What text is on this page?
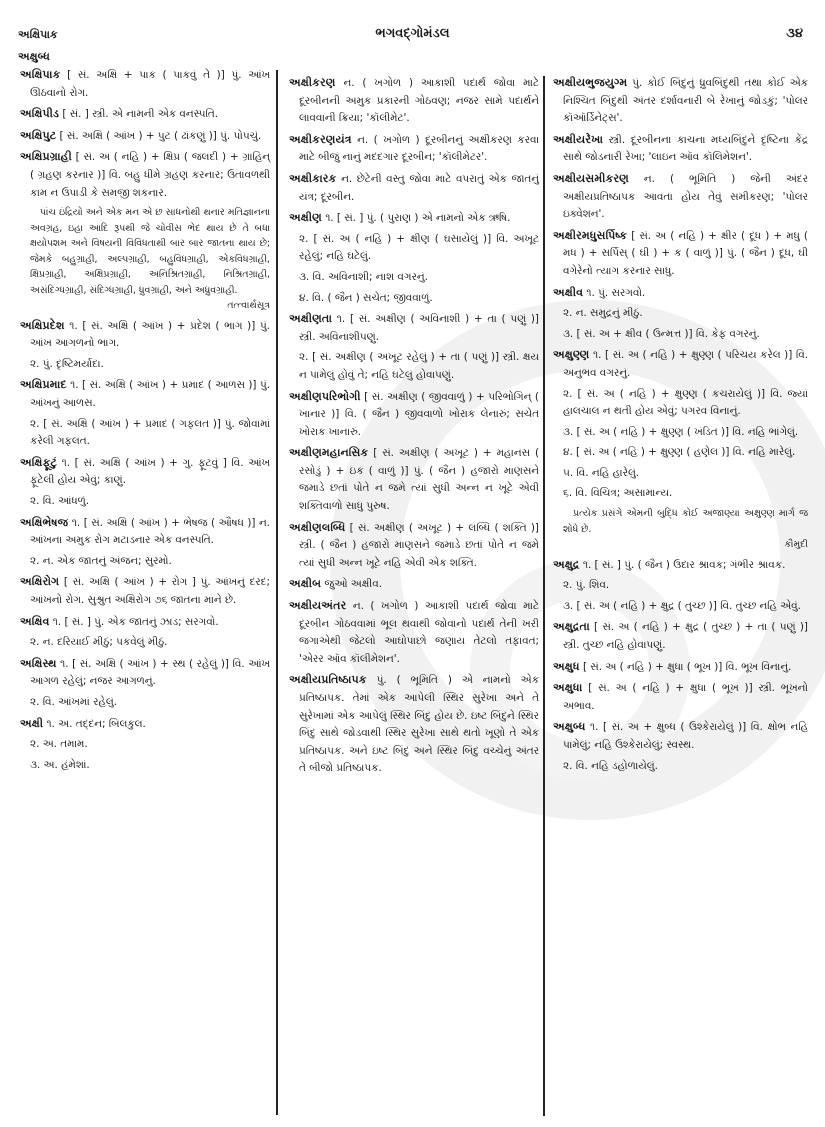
અક્ષિપાક	ભગવદ્ગોમંડલ	૩૪
અક્ષુબ્ધ
અક્ષિપાક [ સં. અક્ષિ + પાક ( પાકવું તે )] પું. આંખ ઊઠવાનો રોગ.
અક્ષિપીડ [ સં. ] સ્ત્રી. એ નામની એક વનસ્પતિ.
અક્ષિપુટ [ સં. અક્ષિ ( આંખ ) + પુટ ( ઢાંકણું )] પું. પોપચું.
અક્ષિપ્રગ્રાહી [ સં. અ ( નહિ ) + ક્ષિપ્ર ( જલદી ) + ગ્રાહિન્ ( ગ્રહણ કરનાર )] વિ. બહુ ધીમે ગ્રહણ કરનાર; ઉતાવળથી કામ ન ઉપાડી કે સમજી શકનાર.
પાંચ ઇંદ્રિયો અને એક મન એ છ સાધનોથી થનાર મતિજ્ઞાનના અવગ્રહ, ઇહા આદિ રૂપથી જે ચોવીસ ભેદ થાય છે તે બધા ક્ષયોપશમ અને વિષયની વિવિધતાથી બાર બાર જાતના થાય છે; જેમકે બહુગ્રાહી, અલ્પગ્રાહી, બહુવિધગ્રાહી, એકવિધગ્રાહી, ક્ષિપ્રગ્રાહી, અક્ષિપ્રગ્રાહી, અનિશ્રિતગ્રાહી, નિશ્રિતગ્રાહી, અસંદિગ્ધગ્રાહી, સંદિગ્ધગ્રાહી, ધ્રુવગ્રાહી, અને અધ્રુવગ્રાહી.
તત્ત્વાર્થસૂત્ર
અક્ષિપ્રદેશ ૧. [ સં. અક્ષિ ( આંખ ) + પ્રદેશ ( ભાગ )] પું. આંખ આગળનો ભાગ.
૨. પું. દૃષ્ટિમર્યાદા.
અક્ષિપ્રમાદ ૧. [ સં. અક્ષિ ( આંખ ) + પ્રમાદ ( આળસ )] પું. આંખનું આળસ.
૨. [ સં. અક્ષિ ( આંખ ) + પ્રમાદ ( ગફલત )] પું. જોવામાં કરેલી ગફલત.
અક્ષિફૂટું ૧. [ સં. અક્ષિ ( આંખ ) + ગુ. ફૂટવું ] વિ. આંખ ફૂટેલી હોય એવું; કાણું.
૨. વિ. આંધળું.
અક્ષિભેષજ ૧. [ સં. અક્ષિ ( આંખ ) + ભેષજ ( ઔષધ )] ન. આંખના અમુક રોગ મટાડનાર એક વનસ્પતિ.
૨. ન. એક જાતનું અંજન; સુરમો.
અક્ષિરોગ [ સં. અક્ષિ ( આંખ ) + રોગ ] પું. આંખનું દરદ; આંખનો રોગ. સુશ્રુત અક્ષિરોગ ૭૬ જાતના માને છે.
અક્ષિવ ૧. [ સં. ] પું. એક જાતનું ઝાડ; સરગવો.
૨. ન. દરિયાઈ મીઠું; પકવેલું મીઠું.
અક્ષિસ્થ ૧. [ સં. અક્ષિ ( આંખ ) + સ્થ ( રહેલું )] વિ. આંખ આગળ રહેલું; નજર આગળનું.
૨. વિ. આંખમાં રહેલું.
અક્ષી ૧. અ. તદ્દન; બિલકુલ.
૨. અ. તમામ.
૩. અ. હંમેશાં.
અક્ષીકરણ ન. ( ખગોળ ) આકાશી પદાર્થ જોવા માટે દૂરબીનની અમુક પ્રકારની ગોઠવણ; નજર સામે પદાર્થને લાવવાની ક્રિયા; 'કૉલીમેટ'.
અક્ષીકરણયંત્ર ન. ( ખગોળ ) દૂરબીનનું અક્ષીકરણ કરવા માટે બીજું નાનું મદદગાર દૂરબીન; 'કૉલીમેટર'.
અક્ષીકારક ન. છેટેની વસ્તુ જોવા માટે વપરાતું એક જાતનું યંત્ર; દૂરબીન.
અક્ષીણ ૧. [ સં. ] પું. ( પુરાણ ) એ નામનો એક ઋષિ.
૨. [ સં. અ ( નહિ ) + ક્ષીણ ( ઘસાયેલું )] વિ. અખૂટ રહેલું; નહિ ઘટેલું.
૩. વિ. અવિનાશી; નાશ વગરનું.
૪. વિ. ( જૈન ) સચેત; જીવવાળું.
અક્ષીણતા ૧. [ સં. અક્ષીણ ( અવિનાશી ) + તા ( પણું )] સ્ત્રી. અવિનાશીપણું.
૨. [ સં. અક્ષીણ ( અખૂટ રહેલું ) + તા ( પણું )] સ્ત્રી. ક્ષય ન પામેલું હોવું તે; નહિ ઘટેલું હોવાપણું.
અક્ષીણપરિભોગી [ સં. અક્ષીણ ( જીવવાળું ) + પરિભોગિન્ ( ખાનાર )] વિ. ( જૈન ) જીવવાળો ખોરાક લેનારું; સચેત ખોરાક ખાનારું.
અક્ષીણમહાનસિક [ સં. અક્ષીણ ( અખૂટ ) + મહાનસ ( રસોડું ) + ઇક ( વાળું )] પું. ( જૈન ) હજારો માણસને જમાડે છતાં પોતે ન જમે ત્યાં સુધી અન્ન ન ખૂટે એવી શક્તિવાળો સાધુ પુરુષ.
અક્ષીણલબ્ધિ [ સં. અક્ષીણ ( અખૂટ ) + લબ્ધિ ( શક્તિ )] સ્ત્રી. ( જૈન ) હજારો માણસને જમાડે છતાં પોતે ન જમે ત્યાં સુધી અન્ન ખૂટે નહિ એવી એક શક્તિ.
અક્ષીબ જુઓ અક્ષીવ.
અક્ષીયઅંતર ન. ( ખગોળ ) આકાશી પદાર્થ જોવા માટે દૂરબીન ગોઠવવામાં ભૂલ થવાથી જોવાનો પદાર્થ તેની ખરી જગાએથી જેટલો આઘોપાછો જણાય તેટલો તફાવત; 'એરર ઑવ કૉલીમેશન'.
અક્ષીયપ્રતિષ્ઠાપક પું. ( ભૂમિતિ ) એ નામનો એક પ્રતિષ્ઠાપક. તેમાં એક આપેલી સ્થિર સુરેખા અને તે સુરેખામાં એક આપેલું સ્થિર બિંદુ હોય છે. ઇષ્ટ બિંદુને સ્થિર બિંદુ સાથે જોડવાથી સ્થિર સુરેખા સાથે થતો ખૂણો તે એક પ્રતિષ્ઠાપક. અને ઇષ્ટ બિંદુ અને સ્થિર બિંદુ વચ્ચેનું અંતર તે બીજો પ્રતિષ્ઠાપક.
અક્ષીયભુજયુગ્મ પું. કોઈ બિંદુનું ધ્રુવબિંદુથી તથા કોઈ એક નિશ્ચિત બિંદુથી અંતર દર્શાવનારી બે રેખાનું જોડકું; 'પોલર કૉઑર્ડિનેટ્સ'.
અક્ષીયરેખા સ્ત્રી. દૂરબીનના કાચના મધ્યબિંદુને દૃષ્ટિના કેંદ્ર સાથે જોડનારી રેખા; 'લાઇન ઑવ કૉલિમેશન'.
અક્ષીયસમીકરણ ન. ( ભૂમિતિ ) જેની અંદર અક્ષીયપ્રતિષ્ઠાપક આવતા હોય તેવું સમીકરણ; 'પોલર ઇક્વેશન'.
અક્ષીરમધુસર્પિષ્ક [ સં. અ ( નહિ ) + ક્ષીર ( દૂધ ) + મધુ ( મધ ) + સર્પિસ્ ( ઘી ) + ક ( વાળું )] પું. ( જૈન ) દૂધ, ઘી વગેરેનો ત્યાગ કરનાર સાધુ.
અક્ષીવ ૧. પું. સરગવો.
૨. ન. સમુદ્રનું મીઠું.
૩. [ સં. અ + ક્ષીવ ( ઉન્મત્ત )] વિ. કેફ વગરનું.
અક્ષુણ્ણ ૧. [ સં. અ ( નહિ ) + ક્ષુણ્ણ ( પરિચય કરેલ )] વિ. અનુભવ વગરનું.
૨. [ સં. અ ( નહિ ) + ક્ષુણ્ણ ( કચરાયેલું )] વિ. જ્યાં હાલચાલ ન થતી હોય એવું; પગરવ વિનાનું.
૩. [ સં. અ ( નહિ ) + ક્ષુણ્ણ ( ખંડિત )] વિ. નહિ ભાંગેલું.
૪. [ સં. અ ( નહિ ) + ક્ષુણ્ણ ( હણેલ )] વિ. નહિ મારેલું.
૫. વિ. નહિ હારેલું.
૬. વિ. વિચિત્ર; અસામાન્ય.
પ્રત્યેક પ્રસંગે એમની બુદ્ધિ કોઈ અજાણ્યા અક્ષુણ્ણ માર્ગ જ શોધે છે.
કૌમુદી
અક્ષુદ્ર ૧. [ સં. ] પું. ( જૈન ) ઉદાર શ્રાવક; ગંભીર શ્રાવક.
૨. પું. શિવ.
૩. [ સં. અ ( નહિ ) + ક્ષુદ્ર ( તુચ્છ )] વિ. તુચ્છ નહિ એવું.
અક્ષુદ્રતા [ સં. અ ( નહિ ) + ક્ષુદ્ર ( તુચ્છ ) + તા ( પણું )] સ્ત્રી. તુચ્છ નહિ હોવાપણું.
અક્ષુધ [ સં. અ ( નહિ ) + ક્ષુધા ( ભૂખ )] વિ. ભૂખ વિનાનું.
અક્ષુધા [ સં. અ ( નહિ ) + ક્ષુધા ( ભૂખ )] સ્ત્રી. ભૂખનો અભાવ.
અક્ષુબ્ધ ૧. [ સં. અ + ક્ષુબ્ધ ( ઉશ્કેરાયેલું )] વિ. ક્ષોભ નહિ પામેલું; નહિ ઉશ્કેરાયેલું; સ્વસ્થ.
૨. વિ. નહિ ડહોળાયેલું.
